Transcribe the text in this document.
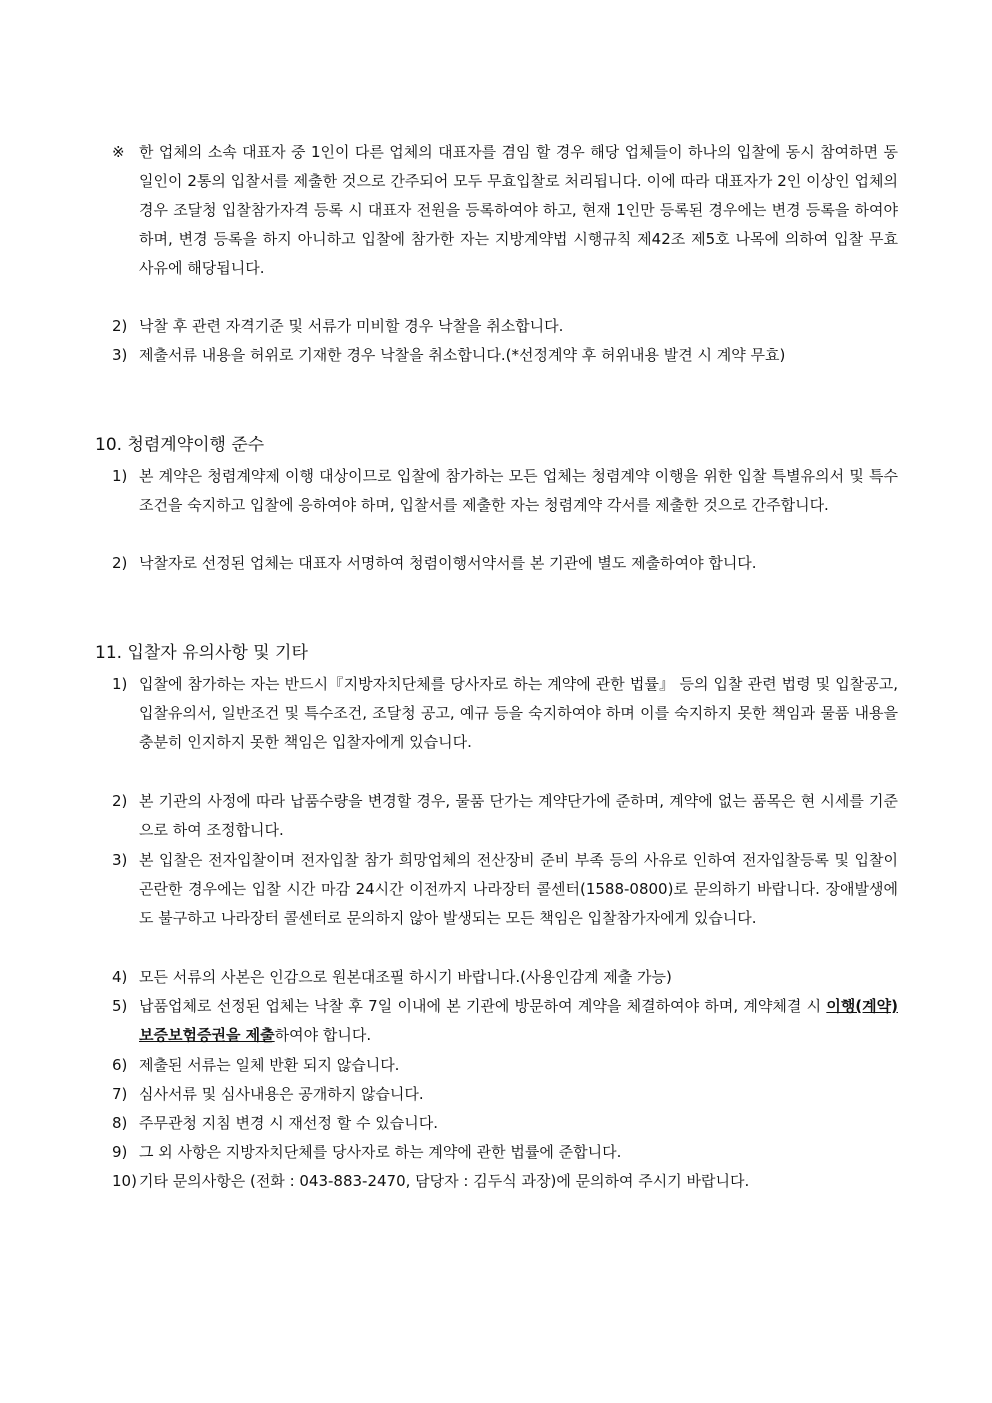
※ 한 업체의 소속 대표자 중 1인이 다른 업체의 대표자를 겸임 할 경우 해당 업체들이 하나의 입찰에 동시 참여하면 동일인이 2통의 입찰서를 제출한 것으로 간주되어 모두 무효입찰로 처리됩니다. 이에 따라 대표자가 2인 이상인 업체의 경우 조달청 입찰참가자격 등록 시 대표자 전원을 등록하여야 하고, 현재 1인만 등록된 경우에는 변경 등록을 하여야 하며, 변경 등록을 하지 아니하고 입찰에 참가한 자는 지방계약법 시행규칙 제42조 제5호 나목에 의하여 입찰 무효 사유에 해당됩니다.
2) 낙찰 후 관련 자격기준 및 서류가 미비할 경우 낙찰을 취소합니다.
3) 제출서류 내용을 허위로 기재한 경우 낙찰을 취소합니다.(*선정계약 후 허위내용 발견 시 계약 무효)
10. 청렴계약이행 준수
1) 본 계약은 청렴계약제 이행 대상이므로 입찰에 참가하는 모든 업체는 청렴계약 이행을 위한 입찰 특별유의서 및 특수조건을 숙지하고 입찰에 응하여야 하며, 입찰서를 제출한 자는 청렴계약 각서를 제출한 것으로 간주합니다.
2) 낙찰자로 선정된 업체는 대표자 서명하여 청렴이행서약서를 본 기관에 별도 제출하여야 합니다.
11. 입찰자 유의사항 및 기타
1) 입찰에 참가하는 자는 반드시『지방자치단체를 당사자로 하는 계약에 관한 법률』 등의 입찰 관련 법령 및 입찰공고, 입찰유의서, 일반조건 및 특수조건, 조달청 공고, 예규 등을 숙지하여야 하며 이를 숙지하지 못한 책임과 물품 내용을 충분히 인지하지 못한 책임은 입찰자에게 있습니다.
2) 본 기관의 사정에 따라 납품수량을 변경할 경우, 물품 단가는 계약단가에 준하며, 계약에 없는 품목은 현 시세를 기준으로 하여 조정합니다.
3) 본 입찰은 전자입찰이며 전자입찰 참가 희망업체의 전산장비 준비 부족 등의 사유로 인하여 전자입찰등록 및 입찰이 곤란한 경우에는 입찰 시간 마감 24시간 이전까지 나라장터 콜센터(1588-0800)로 문의하기 바랍니다. 장애발생에도 불구하고 나라장터 콜센터로 문의하지 않아 발생되는 모든 책임은 입찰참가자에게 있습니다.
4) 모든 서류의 사본은 인감으로 원본대조필 하시기 바랍니다.(사용인감계 제출 가능)
5) 납품업체로 선정된 업체는 낙찰 후 7일 이내에 본 기관에 방문하여 계약을 체결하여야 하며, 계약체결 시 이행(계약)보증보험증권을 제출하여야 합니다.
6) 제출된 서류는 일체 반환 되지 않습니다.
7) 심사서류 및 심사내용은 공개하지 않습니다.
8) 주무관청 지침 변경 시 재선정 할 수 있습니다.
9) 그 외 사항은 지방자치단체를 당사자로 하는 계약에 관한 법률에 준합니다.
10) 기타 문의사항은 (전화 : 043-883-2470, 담당자 : 김두식 과장)에 문의하여 주시기 바랍니다.
